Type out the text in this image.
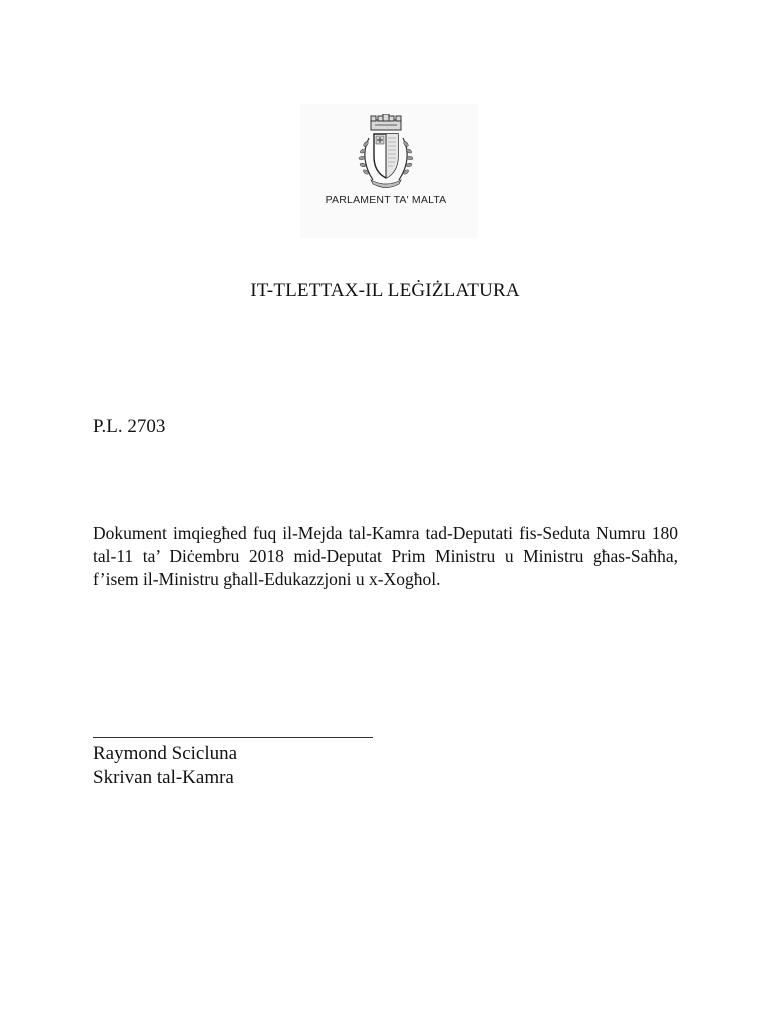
PARLAMENT TA' MALTA
IT-TLETTAX-IL LEĠIŻLATURA
P.L. 2703
Dokument imqiegħed fuq il-Mejda tal-Kamra tad-Deputati fis-Seduta Numru 180 tal-11 ta’ Diċembru 2018 mid-Deputat Prim Ministru u Ministru għas-Saħħa, f’isem il-Ministru għall-Edukazzjoni u x-Xogħol.
Raymond Scicluna
Skrivan tal-Kamra
